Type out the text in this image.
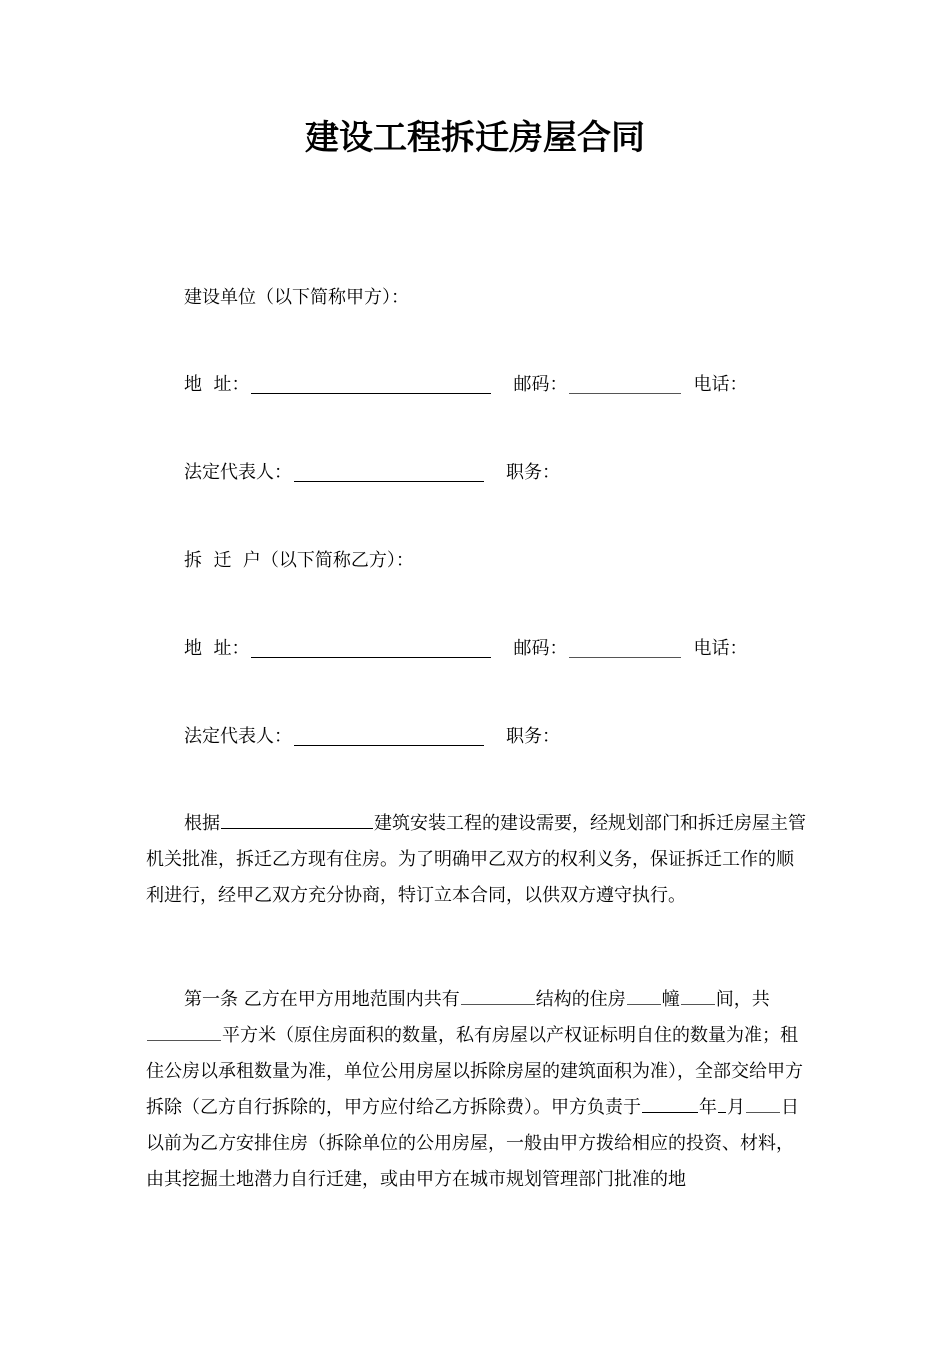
建设工程拆迁房屋合同
建设单位（以下简称甲方）：
地  址：	邮码：	电话：
法定代表人：	职务：
拆  迁  户（以下简称乙方）：
地  址：	邮码：	电话：
法定代表人：	职务：

根据	建筑安装工程的建设需要，经规划部门和拆迁房屋主管机关批准，拆迁乙方现有住房。为了明确甲乙双方的权利义务，保证拆迁工作的顺利进行，经甲乙双方充分协商，特订立本合同，以供双方遵守执行。

第一条 乙方在甲方用地范围内共有	结构的住房 幢 间，共平方米（原住房面积的数量，私有房屋以产权证标明自住的数量为准；租住公房以承租数量为准，单位公用房屋以拆除房屋的建筑面积为准），全部交给甲方拆除（乙方自行拆除的，甲方应付给乙方拆除费）。甲方负责于	年 月 日以前为乙方安排住房（拆除单位的公用房屋，一般由甲方拨给相应的投资、材料，由其挖掘土地潜力自行迁建，或由甲方在城市规划管理部门批准的地
